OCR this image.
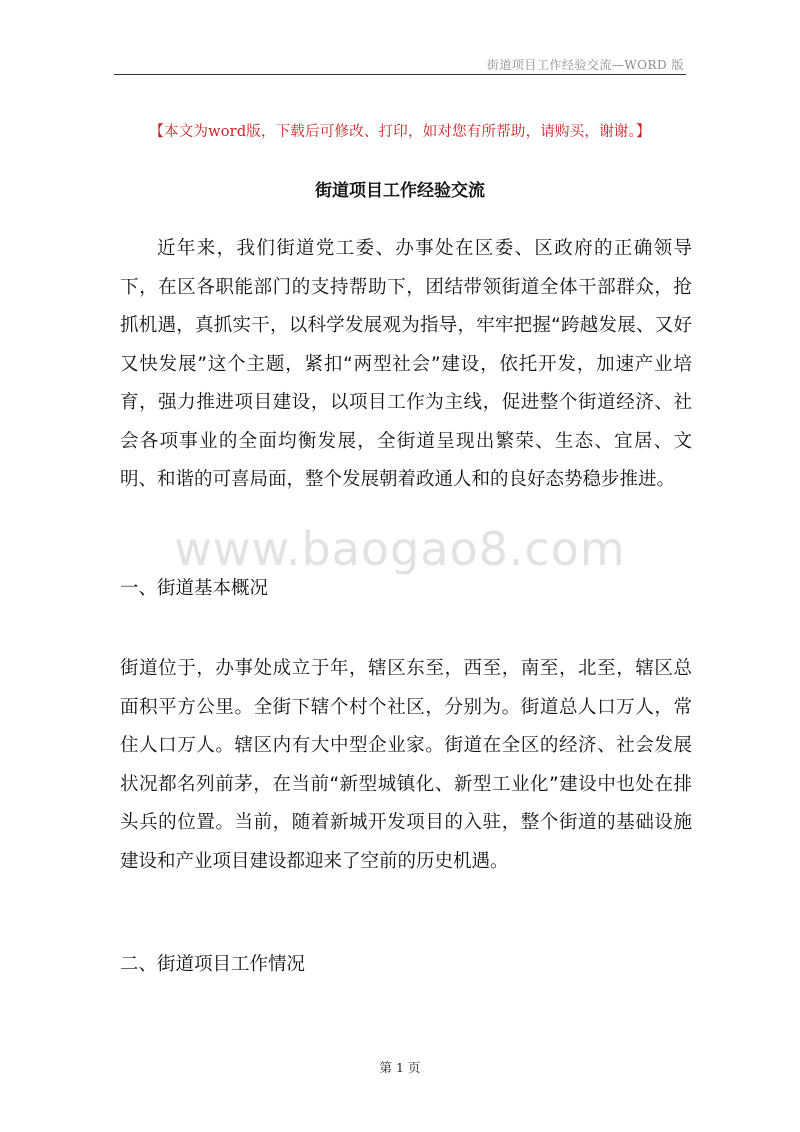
街道项目工作经验交流—WORD 版
【本文为word版，下载后可修改、打印，如对您有所帮助，请购买，谢谢。】
街道项目工作经验交流

近年来，我们街道党工委、办事处在区委、区政府的正确领导下，在区各职能部门的支持帮助下，团结带领街道全体干部群众，抢抓机遇，真抓实干，以科学发展观为指导，牢牢把握“跨越发展、又好又快发展”这个主题，紧扣“两型社会”建设，依托开发，加速产业培育，强力推进项目建设，以项目工作为主线，促进整个街道经济、社会各项事业的全面均衡发展，全街道呈现出繁荣、生态、宜居、文明、和谐的可喜局面，整个发展朝着政通人和的良好态势稳步推进。

www.baogao8.com
一、街道基本概况

街道位于，办事处成立于年，辖区东至，西至，南至，北至，辖区总面积平方公里。全街下辖个村个社区，分别为。街道总人口万人，常住人口万人。辖区内有大中型企业家。街道在全区的经济、社会发展状况都名列前茅，在当前“新型城镇化、新型工业化”建设中也处在排头兵的位置。当前，随着新城开发项目的入驻，整个街道的基础设施建设和产业项目建设都迎来了空前的历史机遇。

二、街道项目工作情况
第 1 页
